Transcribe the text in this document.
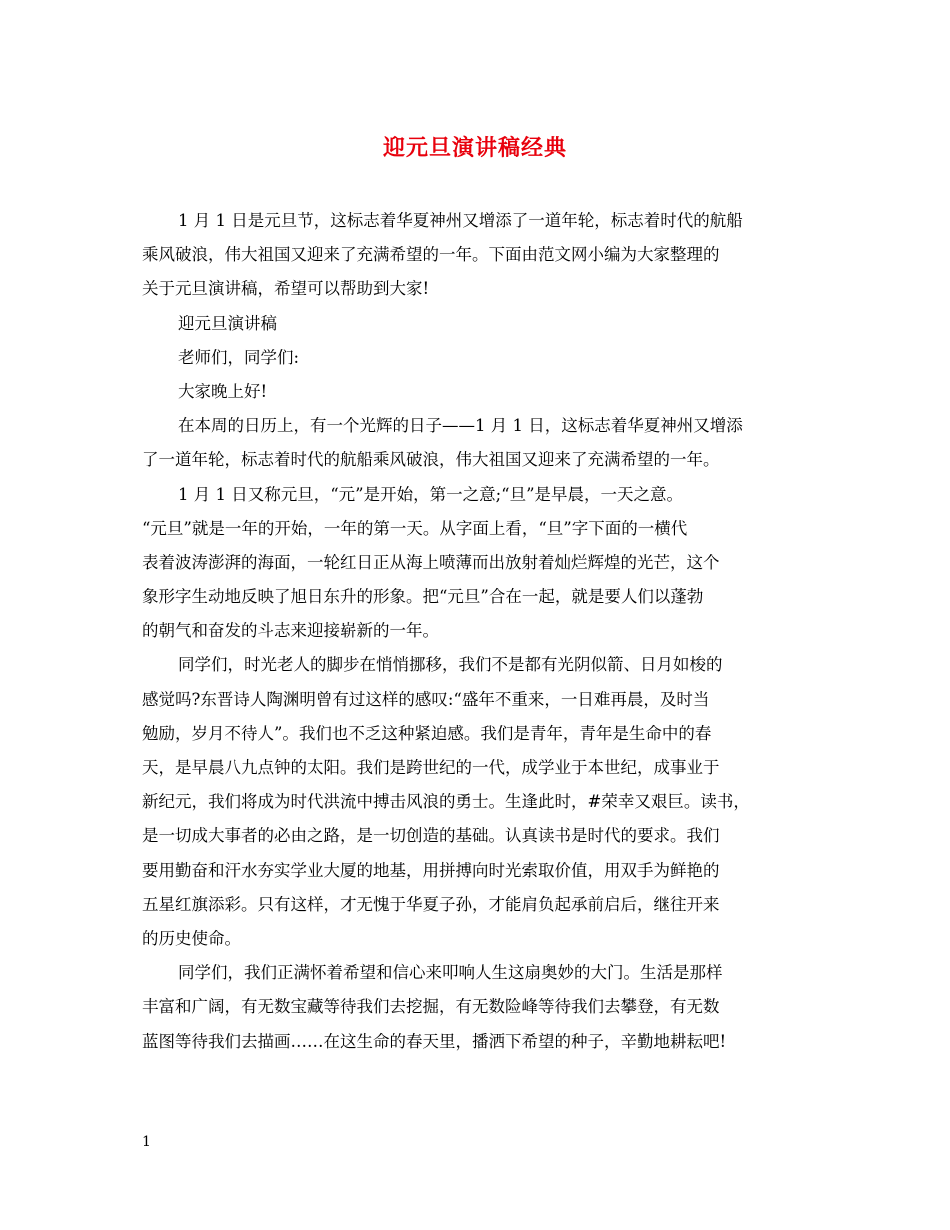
迎元旦演讲稿经典
1 月 1 日是元旦节，这标志着华夏神州又增添了一道年轮，标志着时代的航船
乘风破浪，伟大祖国又迎来了充满希望的一年。下面由范文网小编为大家整理的
关于元旦演讲稿，希望可以帮助到大家!
迎元旦演讲稿
老师们，同学们:
大家晚上好!
在本周的日历上，有一个光辉的日子——1 月 1 日，这标志着华夏神州又增添
了一道年轮，标志着时代的航船乘风破浪，伟大祖国又迎来了充满希望的一年。
1 月 1 日又称元旦，“元”是开始，第一之意;“旦”是早晨，一天之意。
“元旦”就是一年的开始，一年的第一天。从字面上看，“旦”字下面的一横代
表着波涛澎湃的海面，一轮红日正从海上喷薄而出放射着灿烂辉煌的光芒，这个
象形字生动地反映了旭日东升的形象。把“元旦”合在一起，就是要人们以蓬勃
的朝气和奋发的斗志来迎接崭新的一年。
同学们，时光老人的脚步在悄悄挪移，我们不是都有光阴似箭、日月如梭的
感觉吗?东晋诗人陶渊明曾有过这样的感叹:“盛年不重来，一日难再晨，及时当
勉励，岁月不待人”。我们也不乏这种紧迫感。我们是青年，青年是生命中的春
天，是早晨八九点钟的太阳。我们是跨世纪的一代，成学业于本世纪，成事业于
新纪元，我们将成为时代洪流中搏击风浪的勇士。生逢此时，#荣幸又艰巨。读书，
是一切成大事者的必由之路，是一切创造的基础。认真读书是时代的要求。我们
要用勤奋和汗水夯实学业大厦的地基，用拼搏向时光索取价值，用双手为鲜艳的
五星红旗添彩。只有这样，才无愧于华夏子孙，才能肩负起承前启后，继往开来
的历史使命。
同学们，我们正满怀着希望和信心来叩响人生这扇奥妙的大门。生活是那样
丰富和广阔，有无数宝藏等待我们去挖掘，有无数险峰等待我们去攀登，有无数
蓝图等待我们去描画……在这生命的春天里，播洒下希望的种子，辛勤地耕耘吧!
1
